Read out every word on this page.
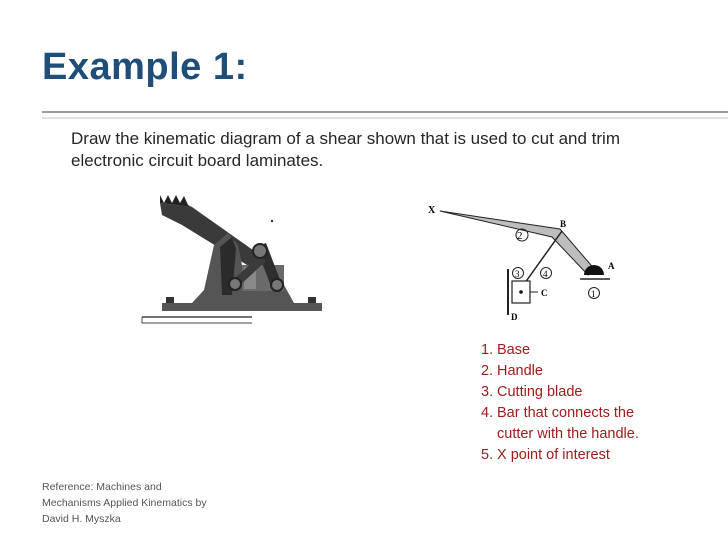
Example 1:

Draw the kinematic diagram of a shear shown that is used to cut and trim electronic circuit board laminates.

2
3	4
1
X
B
A
C
D
1. Base
2. Handle
3. Cutting blade
4. Bar that connects the cutter with the handle.
5. X point of interest

Reference: Machines and Mechanisms Applied Kinematics by David H. Myszka
